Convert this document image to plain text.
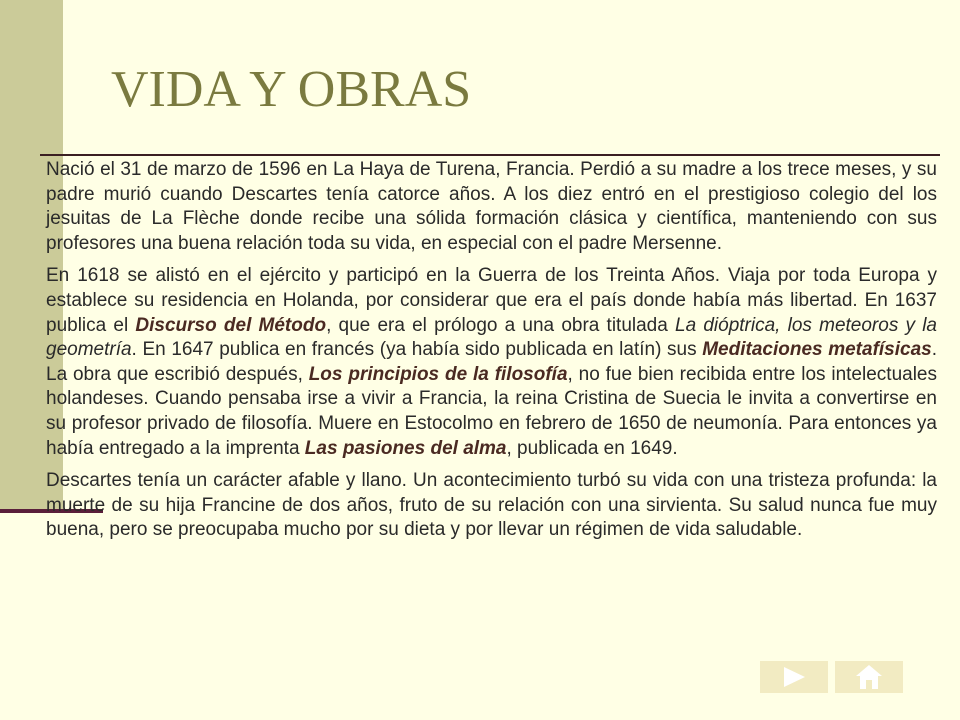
VIDA Y OBRAS

Nació el 31 de marzo de 1596 en La Haya de Turena, Francia. Perdió a su madre a los trece meses, y su padre murió cuando Descartes tenía catorce años. A los diez entró en el prestigioso colegio del los jesuitas de La Flèche donde recibe una sólida formación clásica y científica, manteniendo con sus profesores una buena relación toda su vida, en especial con el padre Mersenne.

En 1618 se alistó en el ejército y participó en la Guerra de los Treinta Años. Viaja por toda Europa y establece su residencia en Holanda, por considerar que era el país donde había más libertad. En 1637 publica el Discurso del Método, que era el prólogo a una obra titulada La dióptrica, los meteoros y la geometría. En 1647 publica en francés (ya había sido publicada en latín) sus Meditaciones metafísicas. La obra que escribió después, Los principios de la filosofía, no fue bien recibida entre los intelectuales holandeses. Cuando pensaba irse a vivir a Francia, la reina Cristina de Suecia le invita a convertirse en su profesor privado de filosofía. Muere en Estocolmo en febrero de 1650 de neumonía. Para entonces ya había entregado a la imprenta Las pasiones del alma, publicada en 1649.

Descartes tenía un carácter afable y llano. Un acontecimiento turbó su vida con una tristeza profunda: la muerte de su hija Francine de dos años, fruto de su relación con una sirvienta. Su salud nunca fue muy buena, pero se preocupaba mucho por su dieta y por llevar un régimen de vida saludable.
